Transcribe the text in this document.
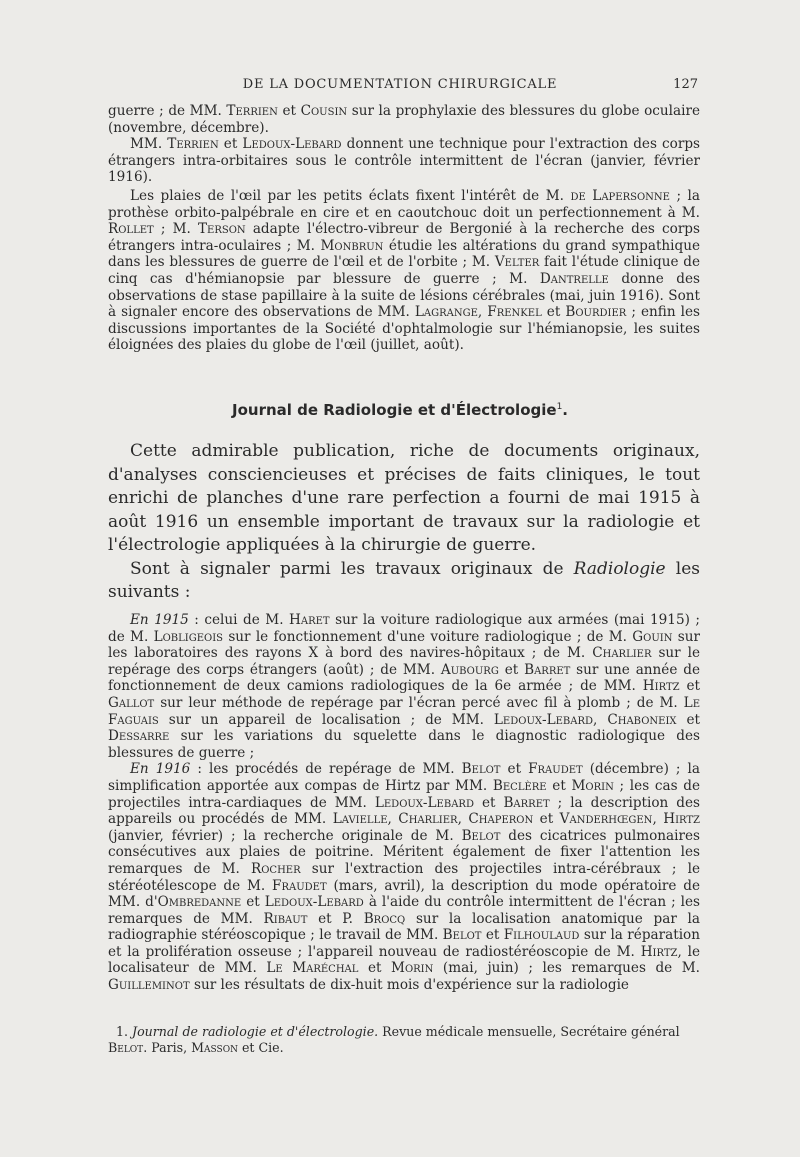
DE LA DOCUMENTATION CHIRURGICALE	127

guerre ; de MM. Terrien et Cousin sur la prophylaxie des blessures du globe oculaire (novembre, décembre).

MM. Terrien et Ledoux-Lebard donnent une technique pour l'extraction des corps étrangers intra-orbitaires sous le contrôle intermittent de l'écran (janvier, février 1916).

Les plaies de l'œil par les petits éclats fixent l'intérêt de M. de Lapersonne ; la prothèse orbito-palpébrale en cire et en caoutchouc doit un perfectionnement à M. Rollet ; M. Terson adapte l'électro-vibreur de Bergonié à la recherche des corps étrangers intra-oculaires ; M. Monbrun étudie les altérations du grand sympathique dans les blessures de guerre de l'œil et de l'orbite ; M. Velter fait l'étude clinique de cinq cas d'hémianopsie par blessure de guerre ; M. Dantrelle donne des observations de stase papillaire à la suite de lésions cérébrales (mai, juin 1916). Sont à signaler encore des observations de MM. Lagrange, Frenkel et Bourdier ; enfin les discussions importantes de la Société d'ophtalmologie sur l'hémianopsie, les suites éloignées des plaies du globe de l'œil (juillet, août).

Journal de Radiologie et d'Électrologie$^1$.

Cette admirable publication, riche de documents originaux, d'analyses consciencieuses et précises de faits cliniques, le tout enrichi de planches d'une rare perfection a fourni de mai 1915 à août 1916 un ensemble important de travaux sur la radiologie et l'électrologie appliquées à la chirurgie de guerre.

Sont à signaler parmi les travaux originaux de Radiologie les suivants :

En 1915 : celui de M. Haret sur la voiture radiologique aux armées (mai 1915) ; de M. Lobligeois sur le fonctionnement d'une voiture radiologique ; de M. Gouin sur les laboratoires des rayons X à bord des navires-hôpitaux ; de M. Charlier sur le repérage des corps étrangers (août) ; de MM. Aubourg et Barret sur une année de fonctionnement de deux camions radiologiques de la 6e armée ; de MM. Hirtz et Gallot sur leur méthode de repérage par l'écran percé avec fil à plomb ; de M. Le Faguais sur un appareil de localisation ; de MM. Ledoux-Lebard, Chaboneix et Dessarre sur les variations du squelette dans le diagnostic radiologique des blessures de guerre ;

En 1916 : les procédés de repérage de MM. Belot et Fraudet (décembre) ; la simplification apportée aux compas de Hirtz par MM. Beclère et Morin ; les cas de projectiles intra-cardiaques de MM. Ledoux-Lebard et Barret ; la description des appareils ou procédés de MM. Lavielle, Charlier, Chaperon et Vanderhœgen, Hirtz (janvier, février) ; la recherche originale de M. Belot des cicatrices pulmonaires consécutives aux plaies de poitrine. Méritent également de fixer l'attention les remarques de M. Rocher sur l'extraction des projectiles intra-cérébraux ; le stéréotélescope de M. Fraudet (mars, avril), la description du mode opératoire de MM. d'Ombredanne et Ledoux-Lebard à l'aide du contrôle intermittent de l'écran ; les remarques de MM. Ribaut et P. Brocq sur la localisation anatomique par la radiographie stéréoscopique ; le travail de MM. Belot et Filhoulaud sur la réparation et la prolifération osseuse ; l'appareil nouveau de radiostéréoscopie de M. Hirtz, le localisateur de MM. Le Maréchal et Morin (mai, juin) ; les remarques de M. Guilleminot sur les résultats de dix-huit mois d'expérience sur la radiologie

1. Journal de radiologie et d'électrologie. Revue médicale mensuelle, Secrétaire général Belot. Paris, Masson et Cie.
